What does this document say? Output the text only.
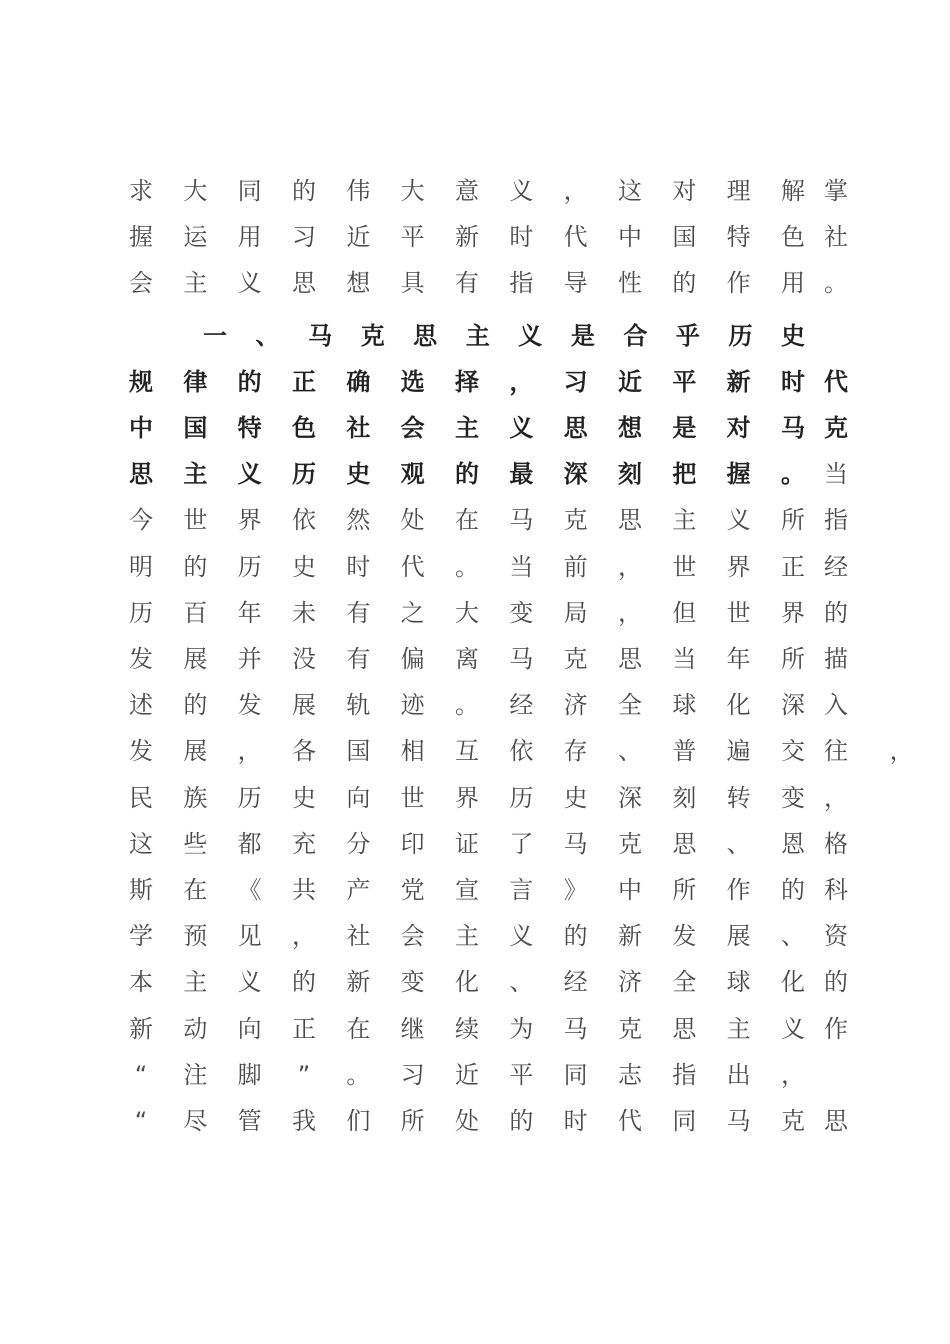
求 大 同 的 伟 大 意 义 ， 这 对 理 解 掌
握 运 用 习 近 平 新 时 代 中 国 特 色 社
会 主 义 思 想 具 有 指 导 性 的 作 用 。
一 、 马 克 思 主 义 是 合 乎 历 史
规 律 的 正 确 选 择 ， 习 近 平 新 时 代
中 国 特 色 社 会 主 义 思 想 是 对 马 克
思 主 义 历 史 观 的 最 深 刻 把 握 。 当
今 世 界 依 然 处 在 马 克 思 主 义 所 指
明 的 历 史 时 代 。 当 前 ， 世 界 正 经
历 百 年 未 有 之 大 变 局 ， 但 世 界 的
发 展 并 没 有 偏 离 马 克 思 当 年 所 描
述 的 发 展 轨 迹 。 经 济 全 球 化 深 入
发 展 ， 各 国 相 互 依 存 、 普 遍 交 往 ，
民 族 历 史 向 世 界 历 史 深 刻 转 变 ，
这 些 都 充 分 印 证 了 马 克 思 、 恩 格
斯 在 《 共 产 党 宣 言 》 中 所 作 的 科
学 预 见 ， 社 会 主 义 的 新 发 展 、 资
本 主 义 的 新 变 化 、 经 济 全 球 化 的
新 动 向 正 在 继 续 为 马 克 思 主 义 作
“	注 脚	”	。 习 近 平 同 志 指 出 ，
“	尽 管 我 们 所 处 的 时 代 同 马 克 思
